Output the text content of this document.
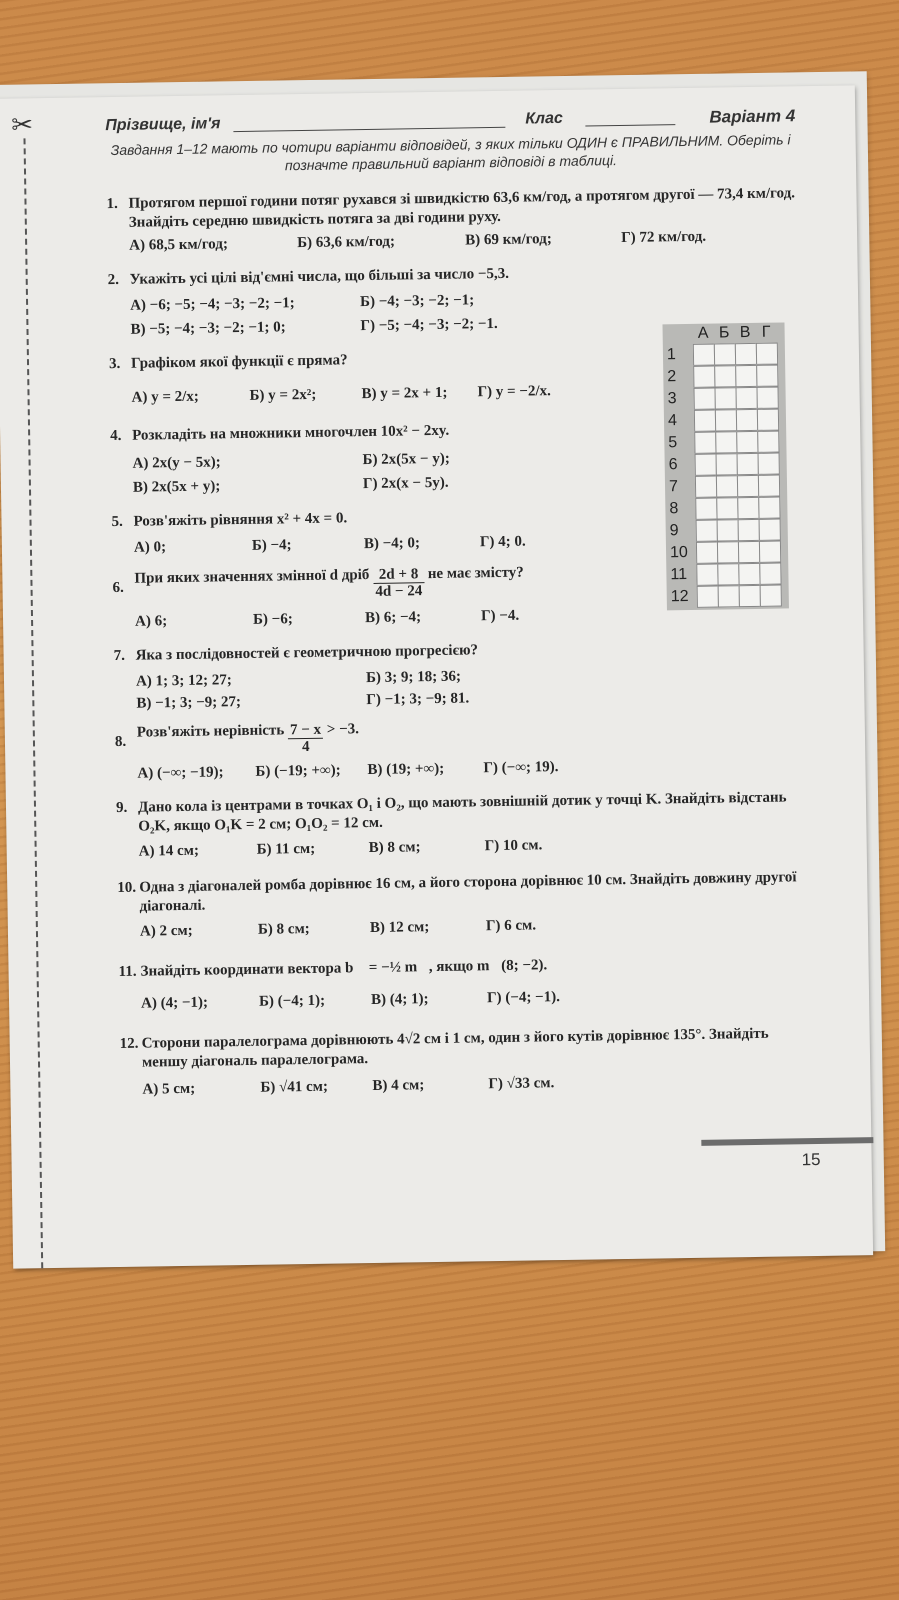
✂	Прізвище, ім'я	Клас	Варіант 4
Завдання 1–12 мають по чотири варіанти відповідей, з яких тільки ОДИН є ПРАВИЛЬНИМ. Оберіть і позначте правильний варіант відповіді в таблиці.
1. Протягом першої години потяг рухався зі швидкістю 63,6 км/год, а протягом другої — 73,4 км/год. Знайдіть середню швидкість потяга за дві години руху.
А) 68,5 км/год;	Б) 63,6 км/год;	В) 69 км/год;	Г) 72 км/год.
2. Укажіть усі цілі від'ємні числа, що більші за число −5,3.
А) −6; −5; −4; −3; −2; −1;	Б) −4; −3; −2; −1;
В) −5; −4; −3; −2; −1; 0;	Г) −5; −4; −3; −2; −1.
3. Графіком якої функції є пряма?
А) y = 2/x;	Б) y = 2x²;	В) y = 2x + 1; Г) y = −2/x.
4. Розкладіть на множники многочлен 10x² − 2xy.
А) 2x(y − 5x);	Б) 2x(5x − y);
В) 2x(5x + y);	Г) 2x(x − 5y).
5. Розв'яжіть рівняння x² + 4x = 0.
А) 0;	Б) −4;	В) −4; 0;	Г) 4; 0.
6.
При яких значеннях змінної d дріб $\frac{2d + 8}{4d - 24}$ не має змісту?
А) 6;	Б) −6;	В) 6; −4;	Г) −4.
7. Яка з послідовностей є геометричною прогресією?
А) 1; 3; 12; 27;	Б) 3; 9; 18; 36;
В) −1; 3; −9; 27;	Г) −1; 3; −9; 81.
8.
Розв'яжіть нерівність $\frac{7 - x}{4} > -3$.
А) (−∞; −19); Б) (−19; +∞); В) (19; +∞);	Г) (−∞; 19).
9. Дано кола із центрами в точках O₁ і O₂, що мають зовнішній дотик у точці K. Знайдіть відстань O₂K, якщо O₁K = 2 см; O₁O₂ = 12 см.
А) 14 см;	Б) 11 см;	В) 8 см;	Г) 10 см.
10. Одна з діагоналей ромба дорівнює 16 см, а його сторона дорівнює 10 см. Знайдіть довжину другої діагоналі.
А) 2 см;	Б) 8 см;	В) 12 см;	Г) 6 см.
11. Знайдіть координати вектора b⃗ = −½ m⃗, якщо m⃗(8; −2).
А) (4; −1);	Б) (−4; 1);	В) (4; 1);	Г) (−4; −1).
12. Сторони паралелограма дорівнюють 4√2 см і 1 см, один з його кутів дорівнює 135°. Знайдіть меншу діагональ паралелограма.
А) 5 см;	Б) √41 см;	В) 4 см;	Г) √33 см.
А Б В Г
1
2
3
4
5
6
7
8
9
10
11
12
15
